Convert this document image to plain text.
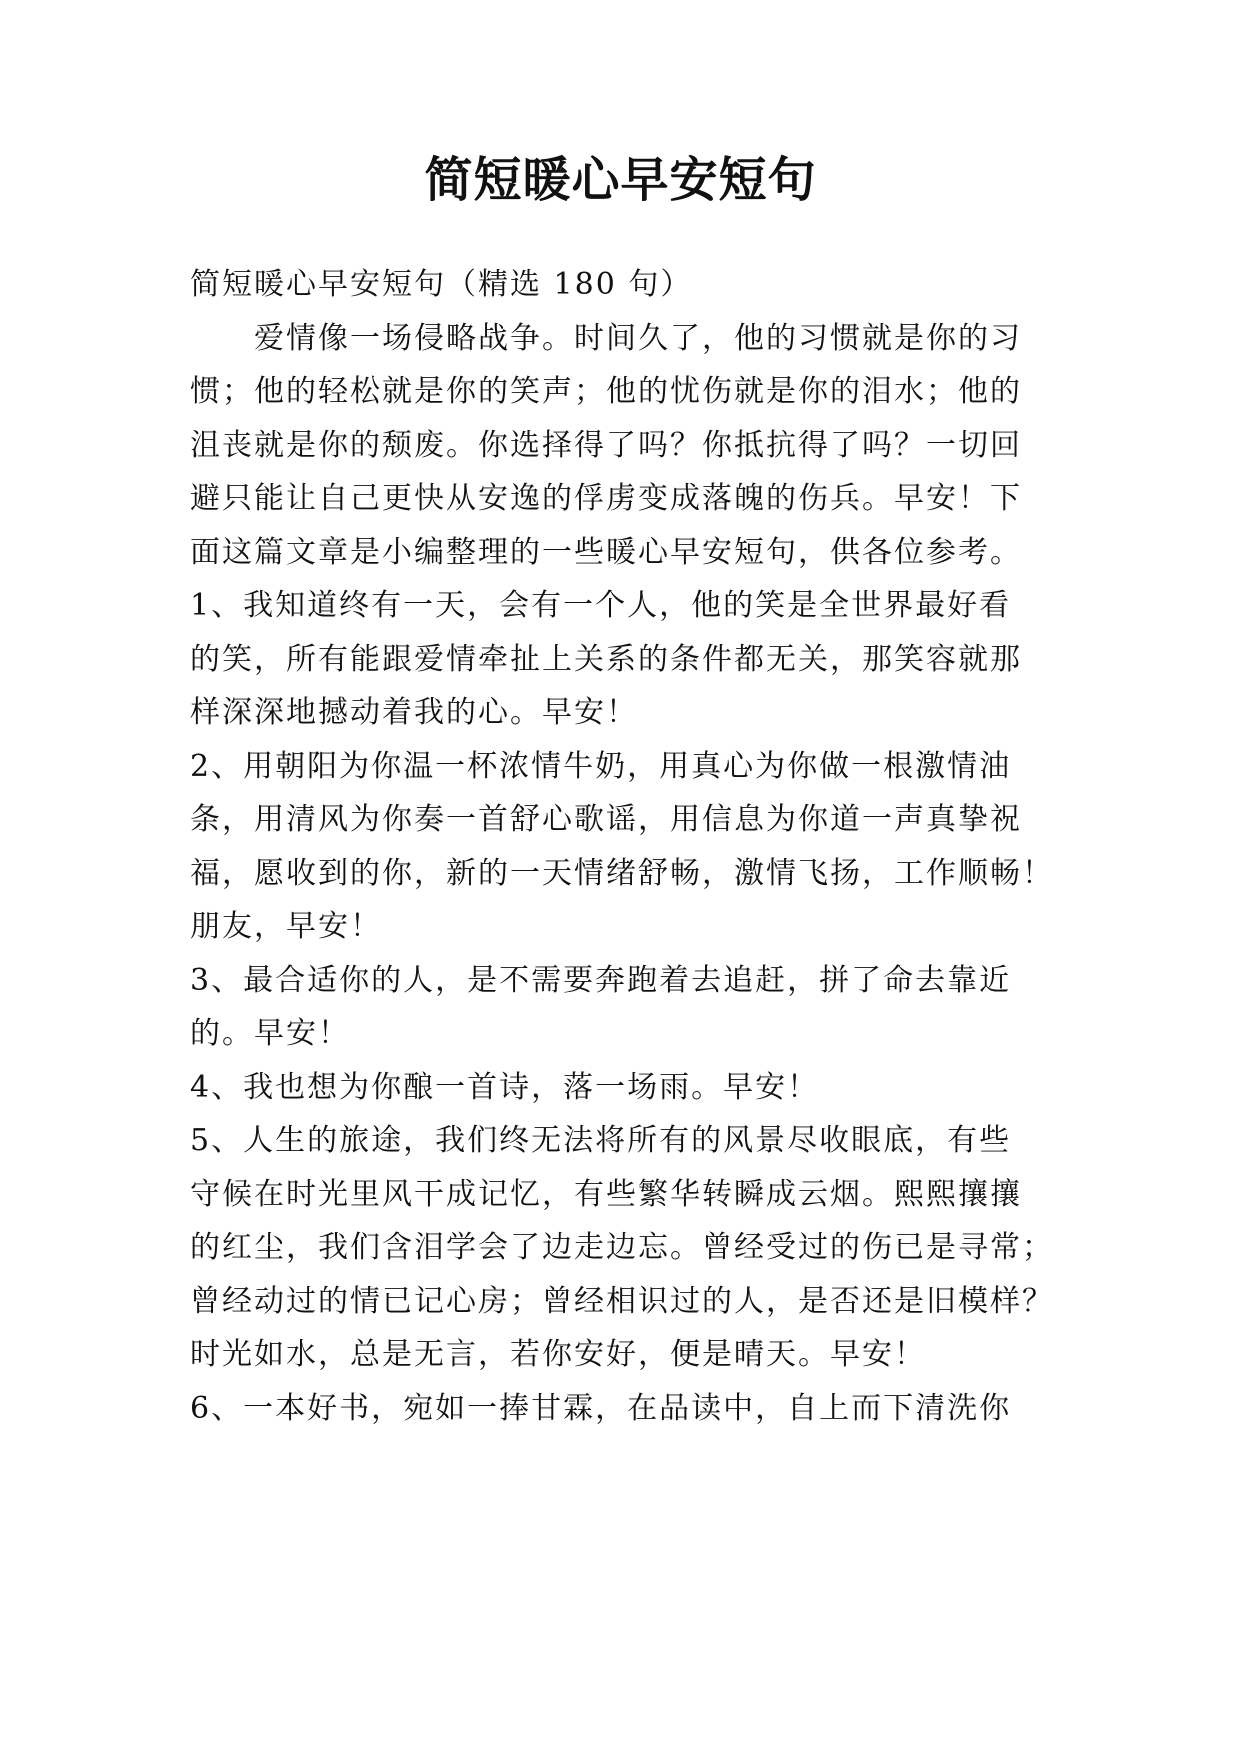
简短暖心早安短句
简短暖心早安短句（精选 180 句）
爱情像一场侵略战争。时间久了，他的习惯就是你的习
惯；他的轻松就是你的笑声；他的忧伤就是你的泪水；他的
沮丧就是你的颓废。你选择得了吗？你抵抗得了吗？一切回
避只能让自己更快从安逸的俘虏变成落魄的伤兵。早安！下
面这篇文章是小编整理的一些暖心早安短句，供各位参考。
1、我知道终有一天，会有一个人，他的笑是全世界最好看
的笑，所有能跟爱情牵扯上关系的条件都无关，那笑容就那
样深深地撼动着我的心。早安！
2、用朝阳为你温一杯浓情牛奶，用真心为你做一根激情油
条，用清风为你奏一首舒心歌谣，用信息为你道一声真挚祝
福，愿收到的你，新的一天情绪舒畅，激情飞扬，工作顺畅！
朋友，早安！
3、最合适你的人，是不需要奔跑着去追赶，拼了命去靠近
的。早安！
4、我也想为你酿一首诗，落一场雨。早安！
5、人生的旅途，我们终无法将所有的风景尽收眼底，有些
守候在时光里风干成记忆，有些繁华转瞬成云烟。熙熙攘攘
的红尘，我们含泪学会了边走边忘。曾经受过的伤已是寻常；
曾经动过的情已记心房；曾经相识过的人，是否还是旧模样？
时光如水，总是无言，若你安好，便是晴天。早安！
6、一本好书，宛如一捧甘霖，在品读中，自上而下清洗你
